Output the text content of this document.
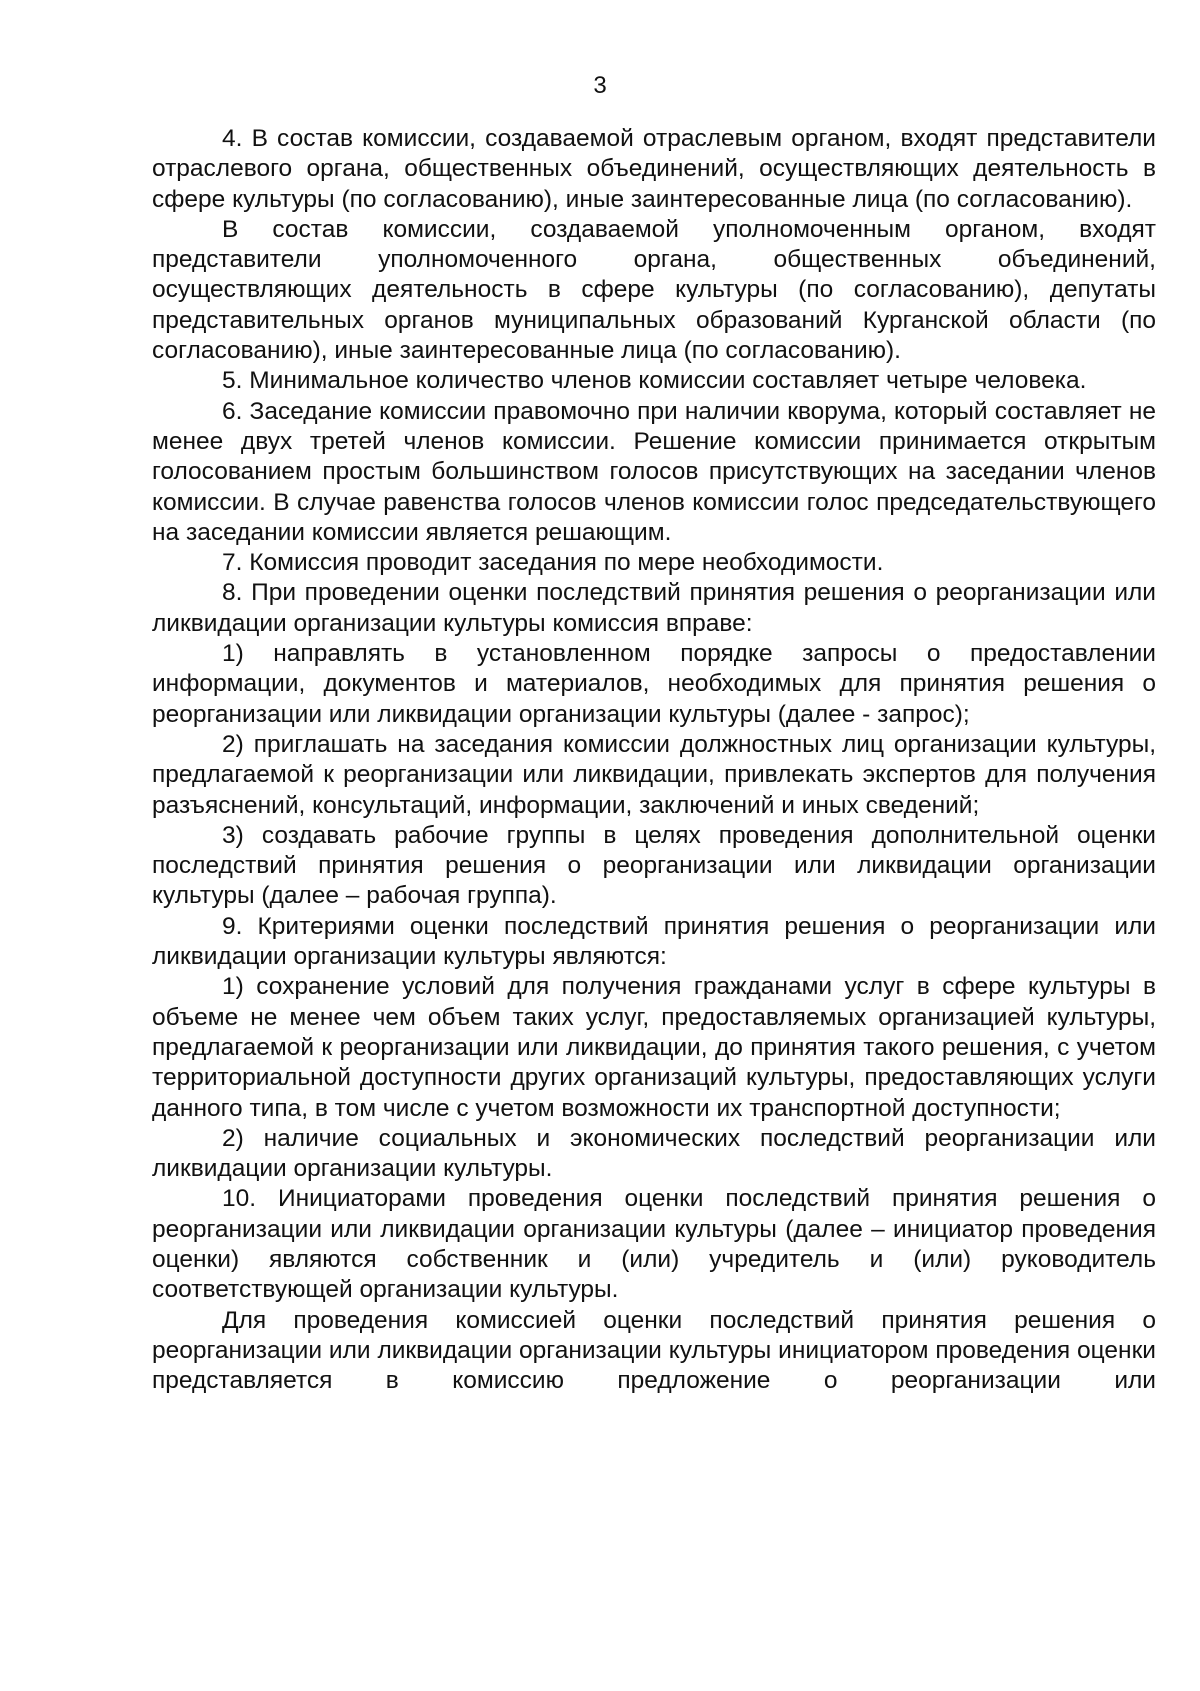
3

4. В состав комиссии, создаваемой отраслевым органом, входят представители отраслевого органа, общественных объединений, осуществляющих деятельность в сфере культуры (по согласованию), иные заинтересованные лица (по согласованию).

В состав комиссии, создаваемой уполномоченным органом, входят представители уполномоченного органа, общественных объединений, осуществляющих деятельность в сфере культуры (по согласованию), депутаты представительных органов муниципальных образований Курганской области (по согласованию), иные заинтересованные лица (по согласованию).

5. Минимальное количество членов комиссии составляет четыре человека.

6. Заседание комиссии правомочно при наличии кворума, который составляет не менее двух третей членов комиссии. Решение комиссии принимается открытым голосованием простым большинством голосов присутствующих на заседании членов комиссии. В случае равенства голосов членов комиссии голос председательствующего на заседании комиссии является решающим.

7. Комиссия проводит заседания по мере необходимости.

8. При проведении оценки последствий принятия решения о реорганизации или ликвидации организации культуры комиссия вправе:

1) направлять в установленном порядке запросы о предоставлении информации, документов и материалов, необходимых для принятия решения о реорганизации или ликвидации организации культуры (далее - запрос);

2) приглашать на заседания комиссии должностных лиц организации культуры, предлагаемой к реорганизации или ликвидации, привлекать экспертов для получения разъяснений, консультаций, информации, заключений и иных сведений;

3) создавать рабочие группы в целях проведения дополнительной оценки последствий принятия решения о реорганизации или ликвидации организации культуры (далее – рабочая группа).

9. Критериями оценки последствий принятия решения о реорганизации или ликвидации организации культуры являются:

1) сохранение условий для получения гражданами услуг в сфере культуры в объеме не менее чем объем таких услуг, предоставляемых организацией культуры, предлагаемой к реорганизации или ликвидации, до принятия такого решения, с учетом территориальной доступности других организаций культуры, предоставляющих услуги данного типа, в том числе с учетом возможности их транспортной доступности;

2) наличие социальных и экономических последствий реорганизации или ликвидации организации культуры.

10. Инициаторами проведения оценки последствий принятия решения о реорганизации или ликвидации организации культуры (далее – инициатор проведения оценки) являются собственник и (или) учредитель и (или) руководитель соответствующей организации культуры.

Для проведения комиссией оценки последствий принятия решения о реорганизации или ликвидации организации культуры инициатором проведения оценки представляется в комиссию предложение о реорганизации или
